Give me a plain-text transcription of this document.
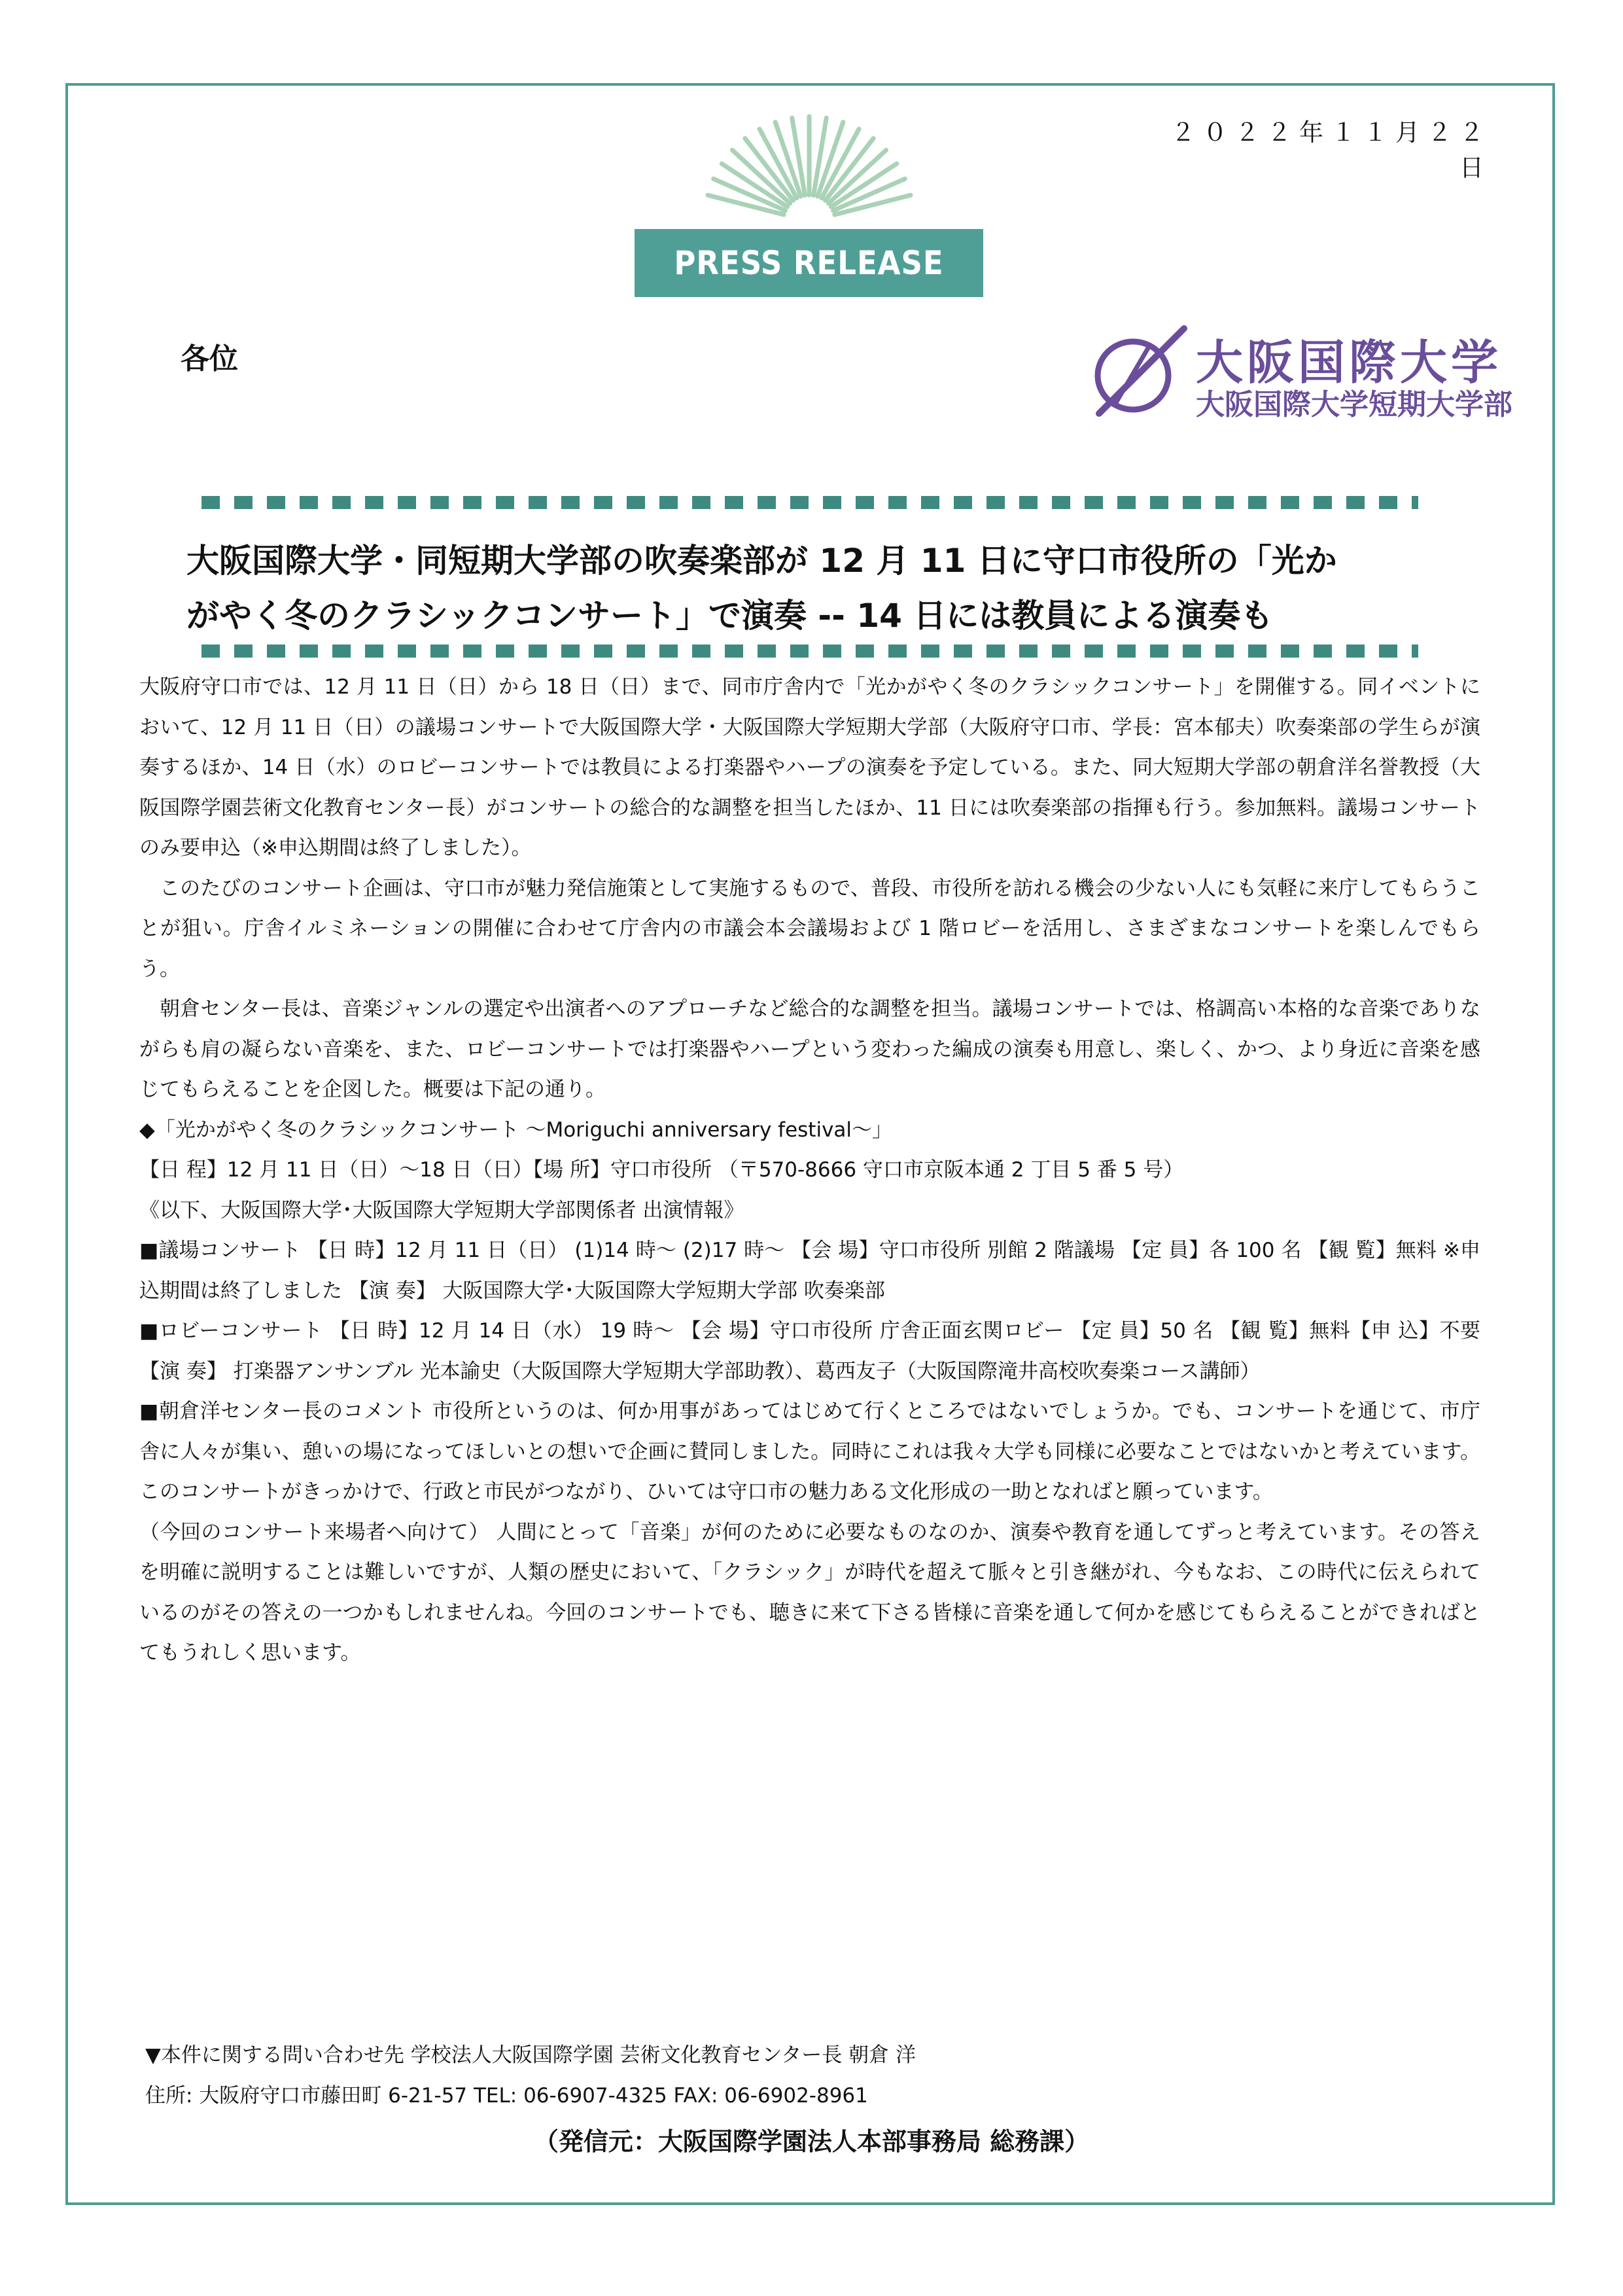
２０２２年１１月２２日
PRESS RELEASE
各位	大阪国際大学
大阪国際大学短期大学部
大阪国際大学・同短期大学部の吹奏楽部が 12 月 11 日に守口市役所の「光か
がやく冬のクラシックコンサート」で演奏 -- 14 日には教員による演奏も

大阪府守口市では、12 月 11 日（日）から 18 日（日）まで、同市庁舎内で「光かがやく冬のクラシックコンサート」を開催する。同イベントにおいて、12 月 11 日（日）の議場コンサートで大阪国際大学・大阪国際大学短期大学部（大阪府守口市、学長：宮本郁夫）吹奏楽部の学生らが演奏するほか、14 日（水）のロビーコンサートでは教員による打楽器やハープの演奏を予定している。また、同大短期大学部の朝倉洋名誉教授（大阪国際学園芸術文化教育センター長）がコンサートの総合的な調整を担当したほか、11 日には吹奏楽部の指揮も行う。参加無料。議場コンサートのみ要申込（※申込期間は終了しました）。

このたびのコンサート企画は、守口市が魅力発信施策として実施するもので、普段、市役所を訪れる機会の少ない人にも気軽に来庁してもらうことが狙い。庁舎イルミネーションの開催に合わせて庁舎内の市議会本会議場および 1 階ロビーを活用し、さまざまなコンサートを楽しんでもらう。

朝倉センター長は、音楽ジャンルの選定や出演者へのアプローチなど総合的な調整を担当。議場コンサートでは、格調高い本格的な音楽でありながらも肩の凝らない音楽を、また、ロビーコンサートでは打楽器やハープという変わった編成の演奏も用意し、楽しく、かつ、より身近に音楽を感じてもらえることを企図した。概要は下記の通り。

◆「光かがやく冬のクラシックコンサート ～Moriguchi anniversary festival～」

【日 程】12 月 11 日（日）～18 日（日）【場 所】守口市役所 （〒570-8666 守口市京阪本通 2 丁目 5 番 5 号）

《以下、大阪国際大学･大阪国際大学短期大学部関係者 出演情報》

■議場コンサート 【日 時】12 月 11 日（日） (1)14 時～ (2)17 時～ 【会 場】守口市役所 別館 2 階議場 【定 員】各 100 名 【観 覧】無料 ※申込期間は終了しました 【演 奏】 大阪国際大学･大阪国際大学短期大学部 吹奏楽部

■ロビーコンサート 【日 時】12 月 14 日（水） 19 時～ 【会 場】守口市役所 庁舎正面玄関ロビー 【定 員】50 名 【観 覧】無料【申 込】不要 【演 奏】 打楽器アンサンブル 光本諭史（大阪国際大学短期大学部助教）、葛西友子（大阪国際滝井高校吹奏楽コース講師）

■朝倉洋センター長のコメント 市役所というのは、何か用事があってはじめて行くところではないでしょうか。でも、コンサートを通じて、市庁舎に人々が集い、憩いの場になってほしいとの想いで企画に賛同しました。同時にこれは我々大学も同様に必要なことではないかと考えています。このコンサートがきっかけで、行政と市民がつながり、ひいては守口市の魅力ある文化形成の一助となればと願っています。

（今回のコンサート来場者へ向けて） 人間にとって「音楽」が何のために必要なものなのか、演奏や教育を通してずっと考えています。その答えを明確に説明することは難しいですが、人類の歴史において、「クラシック」が時代を超えて脈々と引き継がれ、今もなお、この時代に伝えられているのがその答えの一つかもしれませんね。今回のコンサートでも、聴きに来て下さる皆様に音楽を通して何かを感じてもらえることができればとてもうれしく思います。

▼本件に関する問い合わせ先 学校法人大阪国際学園 芸術文化教育センター長 朝倉 洋
住所: 大阪府守口市藤田町 6-21-57 TEL: 06-6907-4325 FAX: 06-6902-8961
（発信元：大阪国際学園法人本部事務局 総務課）
